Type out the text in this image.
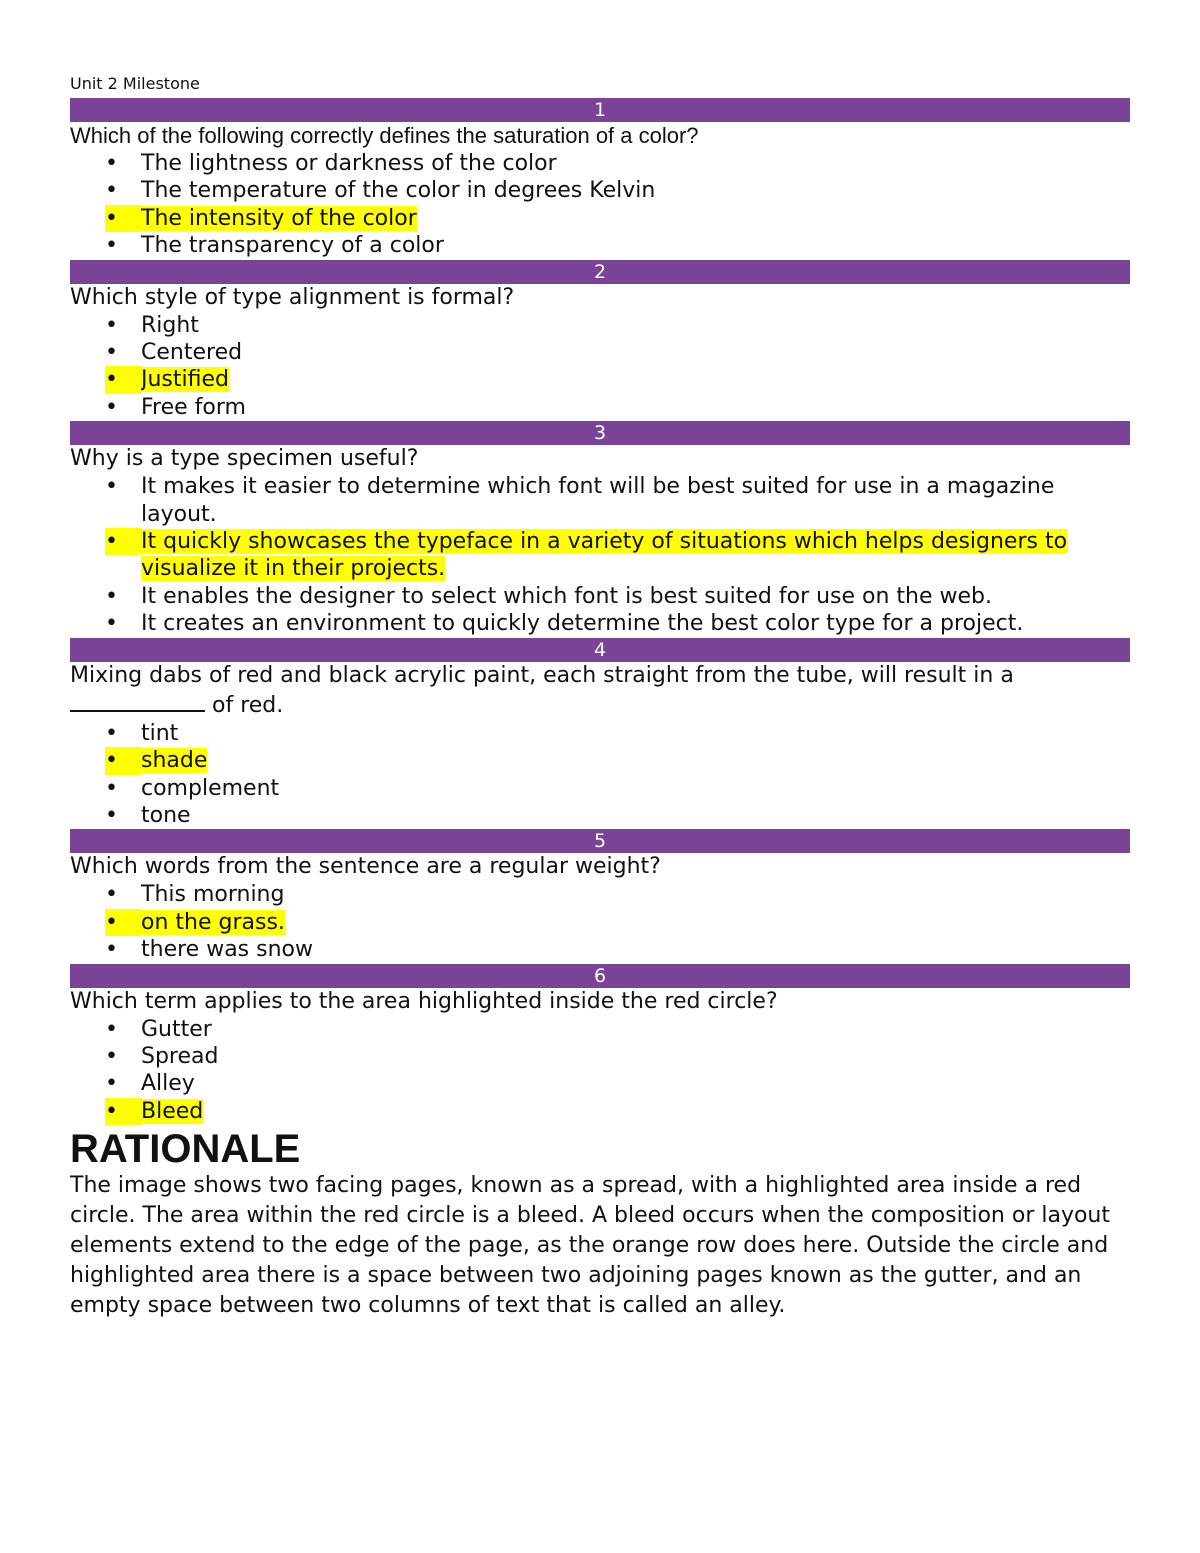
Unit 2 Milestone

1

Which of the following correctly defines the saturation of a color?

•	The lightness or darkness of the color
•	The temperature of the color in degrees Kelvin
•	The intensity of the color
•	The transparency of a color
2

Which style of type alignment is formal?

•	Right
•	Centered
•	Justified
•	Free form
3

Why is a type specimen useful?

•	It makes it easier to determine which font will be best suited for use in a magazine layout.
•	It quickly showcases the typeface in a variety of situations which helps designers to visualize it in their projects.
•	It enables the designer to select which font is best suited for use on the web.
•	It creates an environment to quickly determine the best color type for a project.
4

Mixing dabs of red and black acrylic paint, each straight from the tube, will result in a  of red.

•	tint
•	shade
•	complement
•	tone
5

Which words from the sentence are a regular weight?

•	This morning
•	on the grass.
•	there was snow
6

Which term applies to the area highlighted inside the red circle?

•	Gutter
•	Spread
•	Alley
•	Bleed
RATIONALE

The image shows two facing pages, known as a spread, with a highlighted area inside a red circle. The area within the red circle is a bleed. A bleed occurs when the composition or layout elements extend to the edge of the page, as the orange row does here. Outside the circle and highlighted area there is a space between two adjoining pages known as the gutter, and an empty space between two columns of text that is called an alley.
